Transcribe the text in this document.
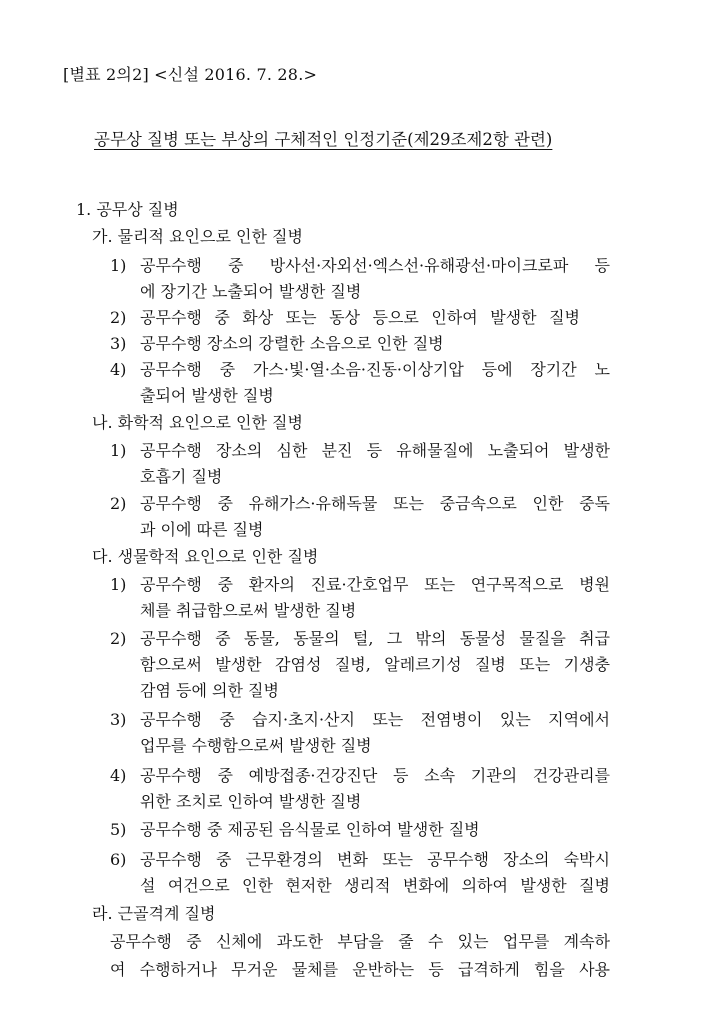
[별표 2의2] <신설 2016. 7. 28.>
공무상 질병 또는 부상의 구체적인 인정기준(제29조제2항 관련)
1. 공무상 질병
가. 물리적 요인으로 인한 질병
1) 공무수행 중 방사선·자외선·엑스선·유해광선·마이크로파 등
에 장기간 노출되어 발생한 질병
2) 공무수행 중 화상 또는 동상 등으로 인하여 발생한 질병
3) 공무수행 장소의 강렬한 소음으로 인한 질병
4) 공무수행 중 가스·빛·열·소음·진동·이상기압 등에 장기간 노
출되어 발생한 질병
나. 화학적 요인으로 인한 질병
1) 공무수행 장소의 심한 분진 등 유해물질에 노출되어 발생한
호흡기 질병
2) 공무수행 중 유해가스·유해독물 또는 중금속으로 인한 중독
과 이에 따른 질병
다. 생물학적 요인으로 인한 질병
1) 공무수행 중 환자의 진료·간호업무 또는 연구목적으로 병원
체를 취급함으로써 발생한 질병
2) 공무수행 중 동물, 동물의 털, 그 밖의 동물성 물질을 취급
함으로써 발생한 감염성 질병, 알레르기성 질병 또는 기생충
감염 등에 의한 질병
3) 공무수행 중 습지·초지·산지 또는 전염병이 있는 지역에서
업무를 수행함으로써 발생한 질병
4) 공무수행 중 예방접종·건강진단 등 소속 기관의 건강관리를
위한 조치로 인하여 발생한 질병
5) 공무수행 중 제공된 음식물로 인하여 발생한 질병
6) 공무수행 중 근무환경의 변화 또는 공무수행 장소의 숙박시
설 여건으로 인한 현저한 생리적 변화에 의하여 발생한 질병
라. 근골격계 질병
공무수행 중 신체에 과도한 부담을 줄 수 있는 업무를 계속하
여 수행하거나 무거운 물체를 운반하는 등 급격하게 힘을 사용
